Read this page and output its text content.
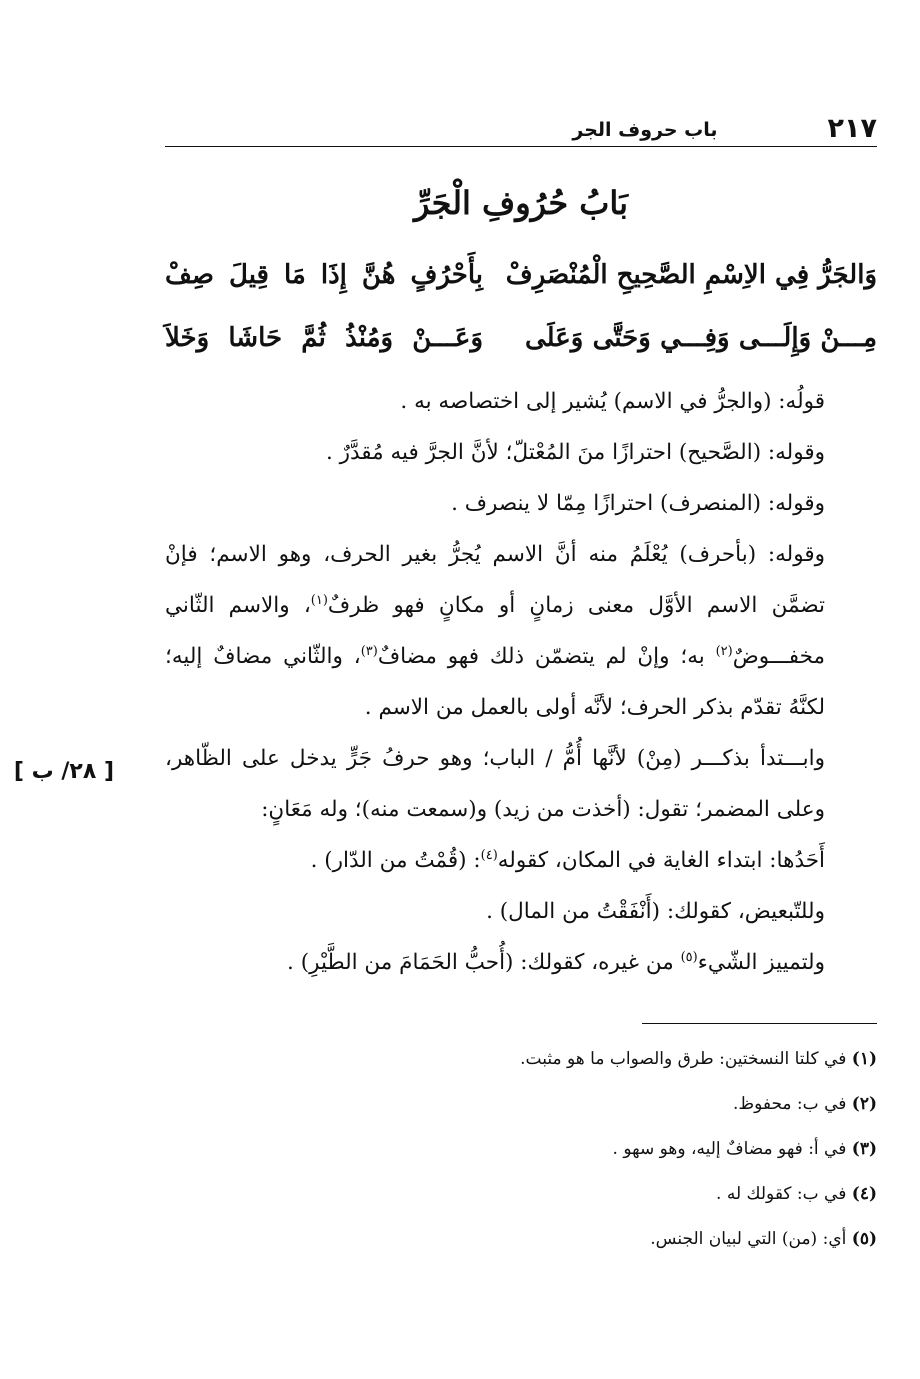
٢١٧
باب حروف الجر
بَابُ حُرُوفِ الْجَرِّ
وَالجَرُّ فِي الاِسْمِ الصَّحِيحِ الْمُنْصَرِفْ
بِأَحْرُفٍ هُنَّ إِذَا مَا قِيلَ صِفْ
مِـــنْ وَإِلَـــى وَفِـــي وَحَتَّى وَعَلَى
وَعَـــنْ وَمُنْذُ ثُمَّ حَاشَا وَخَلاَ

قولُه: (والجرُّ في الاسم) يُشير إلى اختصاصه به .

وقوله: (الصَّحيح) احترازًا منَ المُعْتلّ؛ لأنَّ الجرَّ فيه مُقدَّرٌ .

وقوله: (المنصرف) احترازًا مِمّا لا ينصرف .

وقوله: (بأحرف) يُعْلَمُ منه أنَّ الاسم يُجرُّ بغير الحرف، وهو الاسم؛ فإنْ تضمَّن الاسم الأوَّل معنى زمانٍ أو مكانٍ فهو ظرفٌ$^{(١)}$، والاسم الثّاني مخفـــوضٌ$^{(٢)}$ به؛ وإنْ لم يتضمّن ذلك فهو مضافٌ$^{(٣)}$، والثّاني مضافٌ إليه؛ لكنَّهُ تقدّم بذكر الحرف؛ لأنَّه أولى بالعمل من الاسم .

وابـــتدأ بذكـــر (مِنْ) لأنَّها أُمُّ / الباب؛ وهو حرفُ جَرٍّ يدخل على الظّاهر، وعلى المضمر؛ تقول: (أخذت من زيد) و(سمعت منه)؛ وله مَعَانٍ:

أَحَدُها: ابتداء الغاية في المكان، كقوله$^{(٤)}$: (قُمْتُ من الدّار) .

وللتّبعيض، كقولك: (أَنْفَقْتُ من المال) .

ولتمييز الشّيء$^{(٥)}$ من غيره، كقولك: (أُحبُّ الحَمَامَ من الطَّيْرِ) .

[ ٢٨/ ب ]
(١) في كلتا النسختين: طرق والصواب ما هو مثبت.
(٢) في ب: محفوظ.
(٣) في أ: فهو مضافٌ إليه، وهو سهو .
(٤) في ب: كقولك له .
(٥) أي: (من) التي لبيان الجنس.
